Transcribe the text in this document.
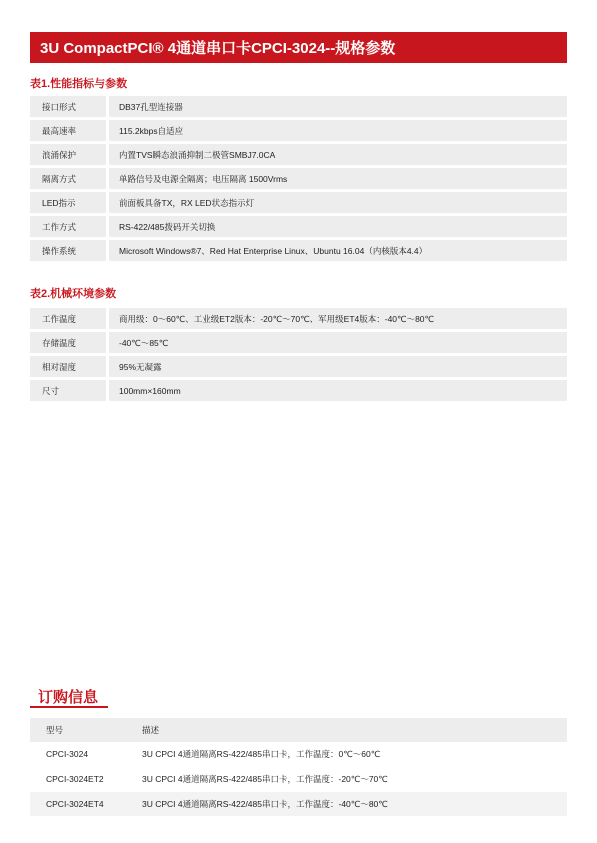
3U CompactPCI® 4通道串口卡CPCI-3024--规格参数
表1.性能指标与参数
接口形式		DB37孔型连接器
最高速率		115.2kbps自适应
浪涌保护		内置TVS瞬态浪涌抑制二极管SMBJ7.0CA
隔离方式		单路信号及电源全隔离；电压隔离 1500Vrms
LED指示		前面板具备TX，RX LED状态指示灯
工作方式		RS-422/485拨码开关切换
操作系统		Microsoft Windows®7、Red Hat Enterprise Linux、Ubuntu 16.04（内核版本4.4）
表2.机械环境参数
工作温度		商用级：0～60℃、工业级ET2版本：-20℃～70℃、军用级ET4版本：-40℃～80℃
存储温度		-40℃～85℃
相对湿度		95%无凝露
尺寸		100mm×160mm
订购信息
型号	描述
CPCI-3024	3U CPCI 4通道隔离RS-422/485串口卡，工作温度：0℃～60℃
CPCI-3024ET2	3U CPCI 4通道隔离RS-422/485串口卡，工作温度：-20℃～70℃
CPCI-3024ET4	3U CPCI 4通道隔离RS-422/485串口卡，工作温度：-40℃～80℃
